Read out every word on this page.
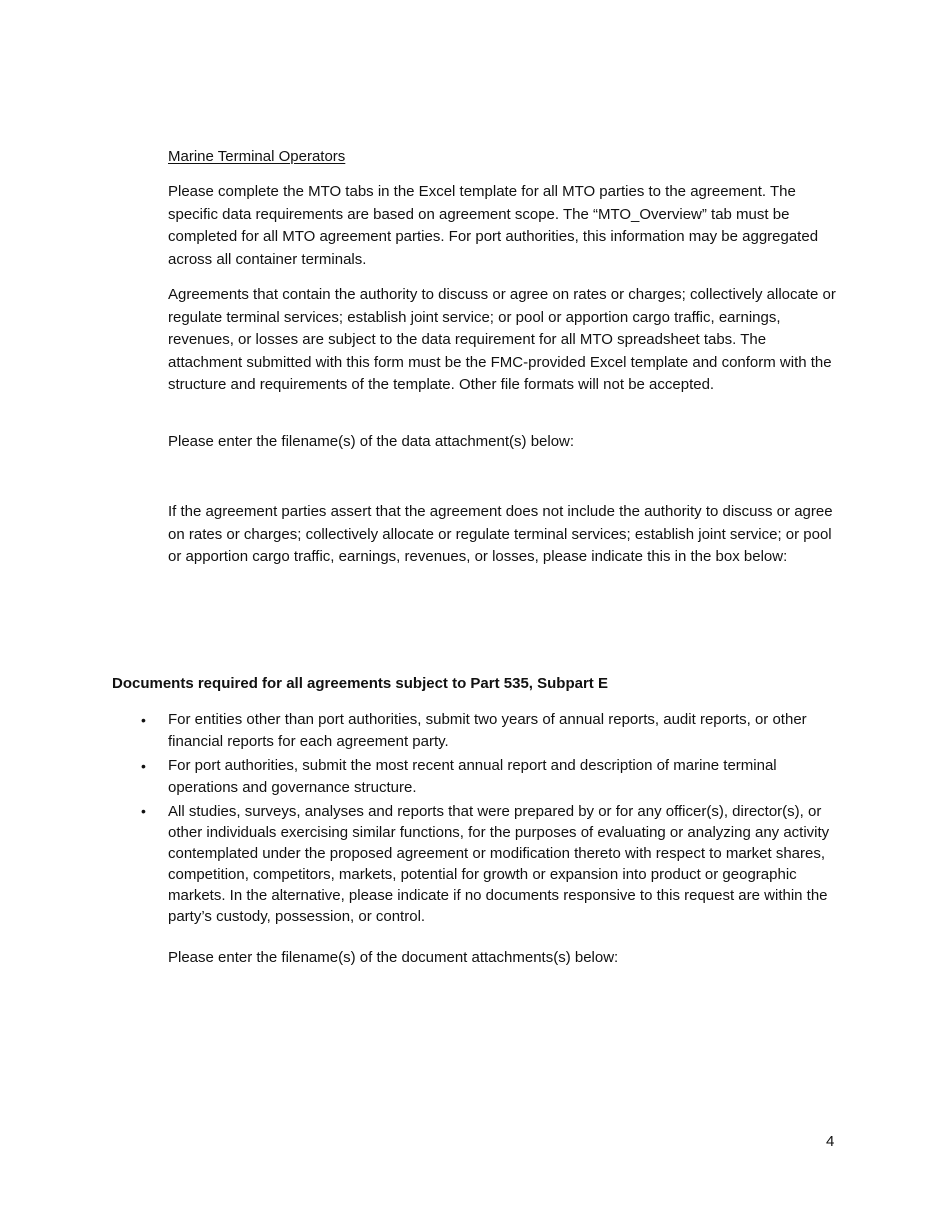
Marine Terminal Operators

Please complete the MTO tabs in the Excel template for all MTO parties to the agreement. The specific data requirements are based on agreement scope. The “MTO_Overview” tab must be completed for all MTO agreement parties. For port authorities, this information may be aggregated across all container terminals.

Agreements that contain the authority to discuss or agree on rates or charges; collectively allocate or regulate terminal services; establish joint service; or pool or apportion cargo traffic, earnings, revenues, or losses are subject to the data requirement for all MTO spreadsheet tabs. The attachment submitted with this form must be the FMC-provided Excel template and conform with the structure and requirements of the template. Other file formats will not be accepted.

Please enter the filename(s) of the data attachment(s) below:

If the agreement parties assert that the agreement does not include the authority to discuss or agree on rates or charges; collectively allocate or regulate terminal services; establish joint service; or pool or apportion cargo traffic, earnings, revenues, or losses, please indicate this in the box below:

Documents required for all agreements subject to Part 535, Subpart E

• For entities other than port authorities, submit two years of annual reports, audit reports, or other financial reports for each agreement party.
• For port authorities, submit the most recent annual report and description of marine terminal operations and governance structure.
• All studies, surveys, analyses and reports that were prepared by or for any officer(s), director(s), or other individuals exercising similar functions, for the purposes of evaluating or analyzing any activity contemplated under the proposed agreement or modification thereto with respect to market shares, competition, competitors, markets, potential for growth or expansion into product or geographic markets. In the alternative, please indicate if no documents responsive to this request are within the party’s custody, possession, or control.

Please enter the filename(s) of the document attachments(s) below:

4
